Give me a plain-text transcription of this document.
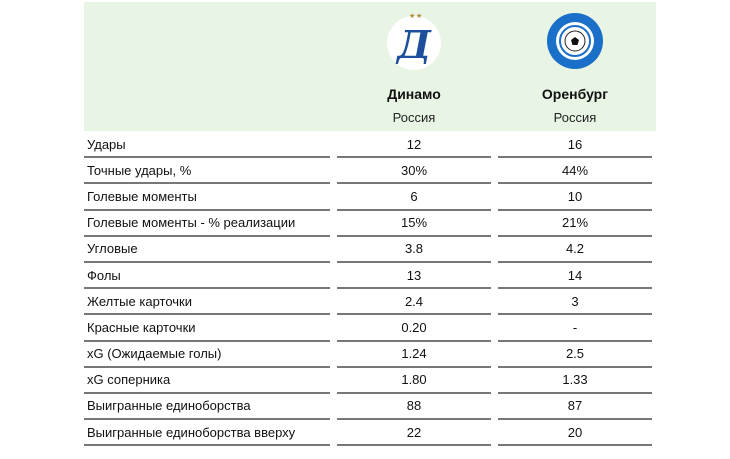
★ ★
Д
Динамо
Россия
Оренбург
Россия
Удары	12	16
Точные удары, %	30%	44%
Голевые моменты	6	10
Голевые моменты - % реализации	15%	21%
Угловые	3.8	4.2
Фолы	13	14
Желтые карточки	2.4	3
Красные карточки	0.20	-
xG (Ожидаемые голы)	1.24	2.5
xG соперника	1.80	1.33
Выигранные единоборства	88	87
Выигранные единоборства вверху	22	20
